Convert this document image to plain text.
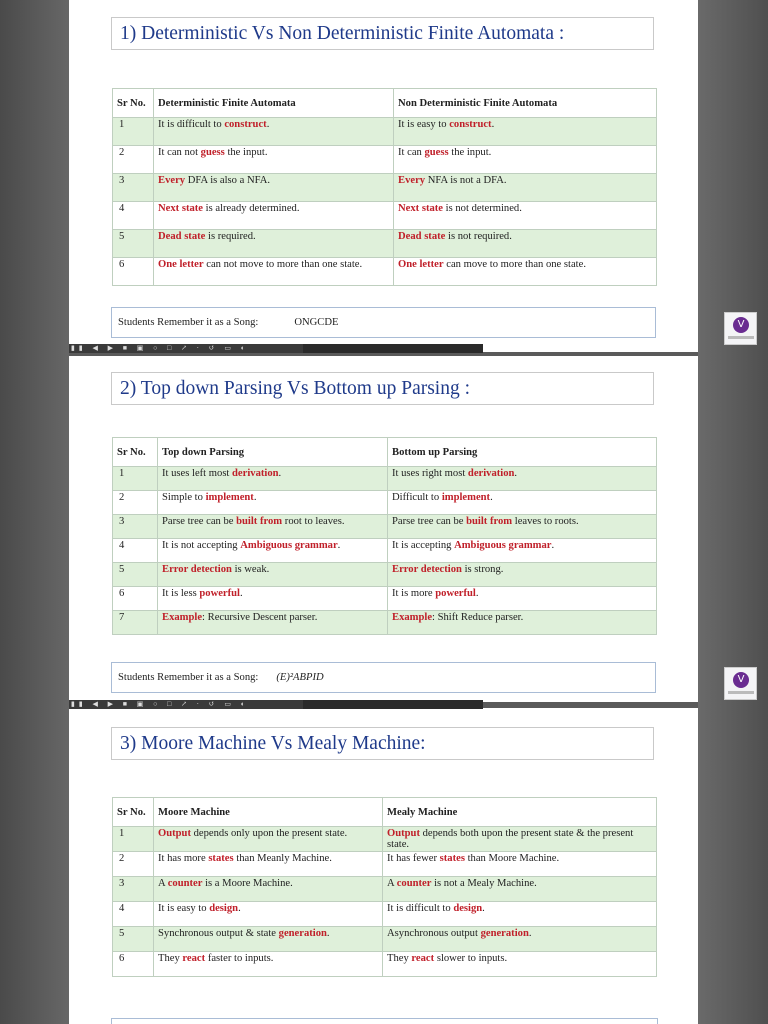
1) Deterministic Vs Non Deterministic Finite Automata :
Sr No.	Deterministic Finite Automata	Non Deterministic Finite Automata
1	It is difficult to construct.	It is easy to construct.
2	It can not guess the input.	It can guess the input.
3	Every DFA is also a NFA.	Every NFA is not a DFA.
4	Next state is already determined.	Next state is not determined.
5	Dead state is required.	Dead state is not required.
6	One letter can not move to more than one state.	One letter can move to more than one state.
Students Remember it as a Song:	ONGCDE
2) Top down Parsing Vs Bottom up Parsing :
Sr No.	Top down Parsing	Bottom up Parsing
1	It uses left most derivation.	It uses right most derivation.
2	Simple to implement.	Difficult to implement.
3	Parse tree can be built from root to leaves.	Parse tree can be built from leaves to roots.
4	It is not accepting Ambiguous grammar.	It is accepting Ambiguous grammar.
5	Error detection is weak.	Error detection is strong.
6	It is less powerful.	It is more powerful.
7	Example: Recursive Descent parser.	Example: Shift Reduce parser.
Students Remember it as a Song: (E)²ABPID
3) Moore Machine Vs Mealy Machine:
Sr No.	Moore Machine	Mealy Machine
1	Output depends only upon the present state.	Output depends both upon the present state & the present state.
2	It has more states than Meanly Machine.	It has fewer states than Moore Machine.
3	A counter is a Moore Machine.	A counter is not a Mealy Machine.
4	It is easy to design.	It is difficult to design.
5	Synchronous output & state generation.	Asynchronous output generation.
6	They react faster to inputs.	They react slower to inputs.
▮▮ ◀ ▶ ■ ▣ ○ □ ↗ · ↺ ▭ ◐
▮▮ ◀ ▶ ■ ▣ ○ □ ↗ · ↺ ▭ ◐
V
V
